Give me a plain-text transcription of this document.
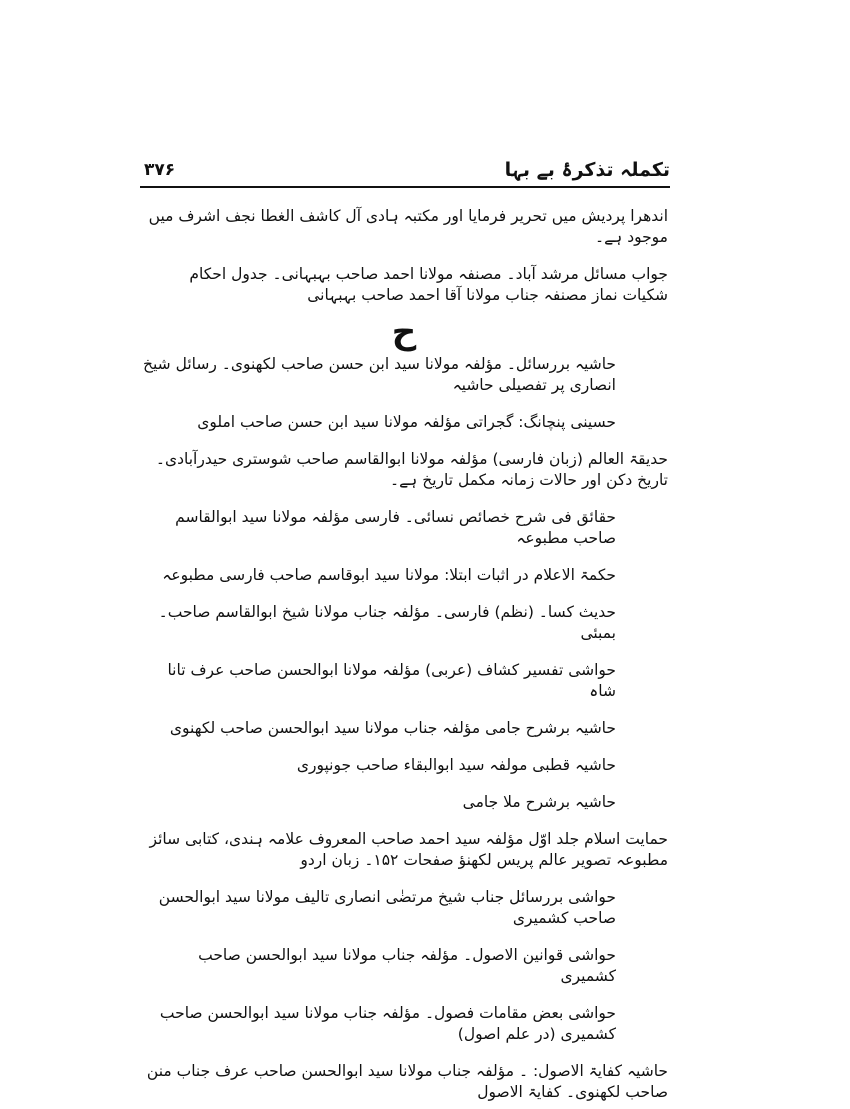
تکملہ تذکرۂ بے بہا
۳۷۶

اندھرا پردیش میں تحریر فرمایا اور مکتبہ ہادی آل کاشف الغطا نجف اشرف میں موجود ہے۔

جواب مسائل مرشد آباد۔ مصنفہ مولانا احمد صاحب بہبہانی۔ جدول احکام شکیات نماز مصنفہ جناب مولانا آقا احمد صاحب بہبہانی

ح

حاشیہ بررسائل۔ مؤلفہ مولانا سید ابن حسن صاحب لکھنوی۔ رسائل شیخ انصاری پر تفصیلی حاشیہ

حسینی پنچانگ: گجراتی مؤلفہ مولانا سید ابن حسن صاحب املوی

حدیقۃ العالم (زبان فارسی) مؤلفہ مولانا ابوالقاسم صاحب شوستری حیدرآبادی۔ تاریخ دکن اور حالات زمانہ مکمل تاریخ ہے۔

حقائق فی شرح خصائص نسائی۔ فارسی مؤلفہ مولانا سید ابوالقاسم صاحب مطبوعہ

حکمۃ الاعلام در اثبات ابتلا: مولانا سید ابوقاسم صاحب فارسی مطبوعہ

حدیث کسا۔ (نظم) فارسی۔ مؤلفہ جناب مولانا شیخ ابوالقاسم صاحب۔ بمبئی

حواشی تفسیر کشاف (عربی) مؤلفہ مولانا ابوالحسن صاحب عرف تانا شاہ

حاشیہ برشرح جامی مؤلفہ جناب مولانا سید ابوالحسن صاحب لکھنوی

حاشیہ قطبی مولفہ سید ابوالبقاء صاحب جونپوری

حاشیہ برشرح ملا جامی

حمایت اسلام جلد اوّل مؤلفہ سید احمد صاحب المعروف علامہ ہندی، کتابی سائز مطبوعہ تصویر عالم پریس لکھنؤ صفحات ۱۵۲۔ زبان اردو

حواشی بررسائل جناب شیخ مرتضٰی انصاری تالیف مولانا سید ابوالحسن صاحب کشمیری

حواشی قوانین الاصول۔ مؤلفہ جناب مولانا سید ابوالحسن صاحب کشمیری

حواشی بعض مقامات فصول۔ مؤلفہ جناب مولانا سید ابوالحسن صاحب کشمیری (در علم اصول)

حاشیہ کفایۃ الاصول: ۔ مؤلفہ جناب مولانا سید ابوالحسن صاحب عرف جناب منن صاحب لکھنوی۔ کفایۃ الاصول
